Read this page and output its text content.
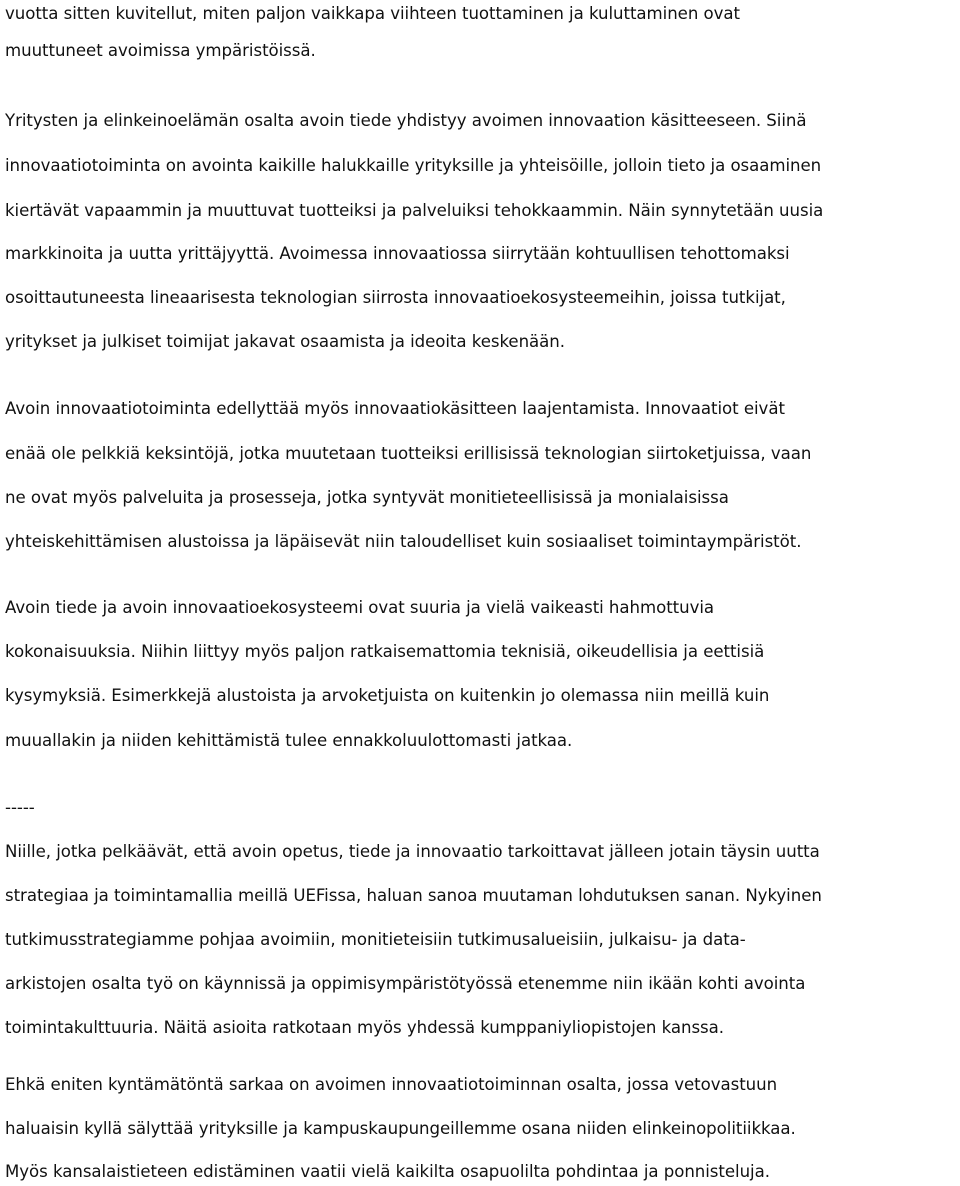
vuotta sitten kuvitellut, miten paljon vaikkapa viihteen tuottaminen ja kuluttaminen ovat
muuttuneet avoimissa ympäristöissä.
Yritysten ja elinkeinoelämän osalta avoin tiede yhdistyy avoimen innovaation käsitteeseen. Siinä
innovaatiotoiminta on avointa kaikille halukkaille yrityksille ja yhteisöille, jolloin tieto ja osaaminen
kiertävät vapaammin ja muuttuvat tuotteiksi ja palveluiksi tehokkaammin. Näin synnytetään uusia
markkinoita ja uutta yrittäjyyttä. Avoimessa innovaatiossa siirrytään kohtuullisen tehottomaksi
osoittautuneesta lineaarisesta teknologian siirrosta innovaatioekosysteemeihin, joissa tutkijat,
yritykset ja julkiset toimijat jakavat osaamista ja ideoita keskenään.
Avoin innovaatiotoiminta edellyttää myös innovaatiokäsitteen laajentamista. Innovaatiot eivät
enää ole pelkkiä keksintöjä, jotka muutetaan tuotteiksi erillisissä teknologian siirtoketjuissa, vaan
ne ovat myös palveluita ja prosesseja, jotka syntyvät monitieteellisissä ja monialaisissa
yhteiskehittämisen alustoissa ja läpäisevät niin taloudelliset kuin sosiaaliset toimintaympäristöt.
Avoin tiede ja avoin innovaatioekosysteemi ovat suuria ja vielä vaikeasti hahmottuvia
kokonaisuuksia. Niihin liittyy myös paljon ratkaisemattomia teknisiä, oikeudellisia ja eettisiä
kysymyksiä. Esimerkkejä alustoista ja arvoketjuista on kuitenkin jo olemassa niin meillä kuin
muuallakin ja niiden kehittämistä tulee ennakkoluulottomasti jatkaa.
-----
Niille, jotka pelkäävät, että avoin opetus, tiede ja innovaatio tarkoittavat jälleen jotain täysin uutta
strategiaa ja toimintamallia meillä UEFissa, haluan sanoa muutaman lohdutuksen sanan. Nykyinen
tutkimusstrategiamme pohjaa avoimiin, monitieteisiin tutkimusalueisiin, julkaisu- ja data-
arkistojen osalta työ on käynnissä ja oppimisympäristötyössä etenemme niin ikään kohti avointa
toimintakulttuuria. Näitä asioita ratkotaan myös yhdessä kumppaniyliopistojen kanssa.
Ehkä eniten kyntämätöntä sarkaa on avoimen innovaatiotoiminnan osalta, jossa vetovastuun
haluaisin kyllä sälyttää yrityksille ja kampuskaupungeillemme osana niiden elinkeinopolitiikkaa.
Myös kansalaistieteen edistäminen vaatii vielä kaikilta osapuolilta pohdintaa ja ponnisteluja.
